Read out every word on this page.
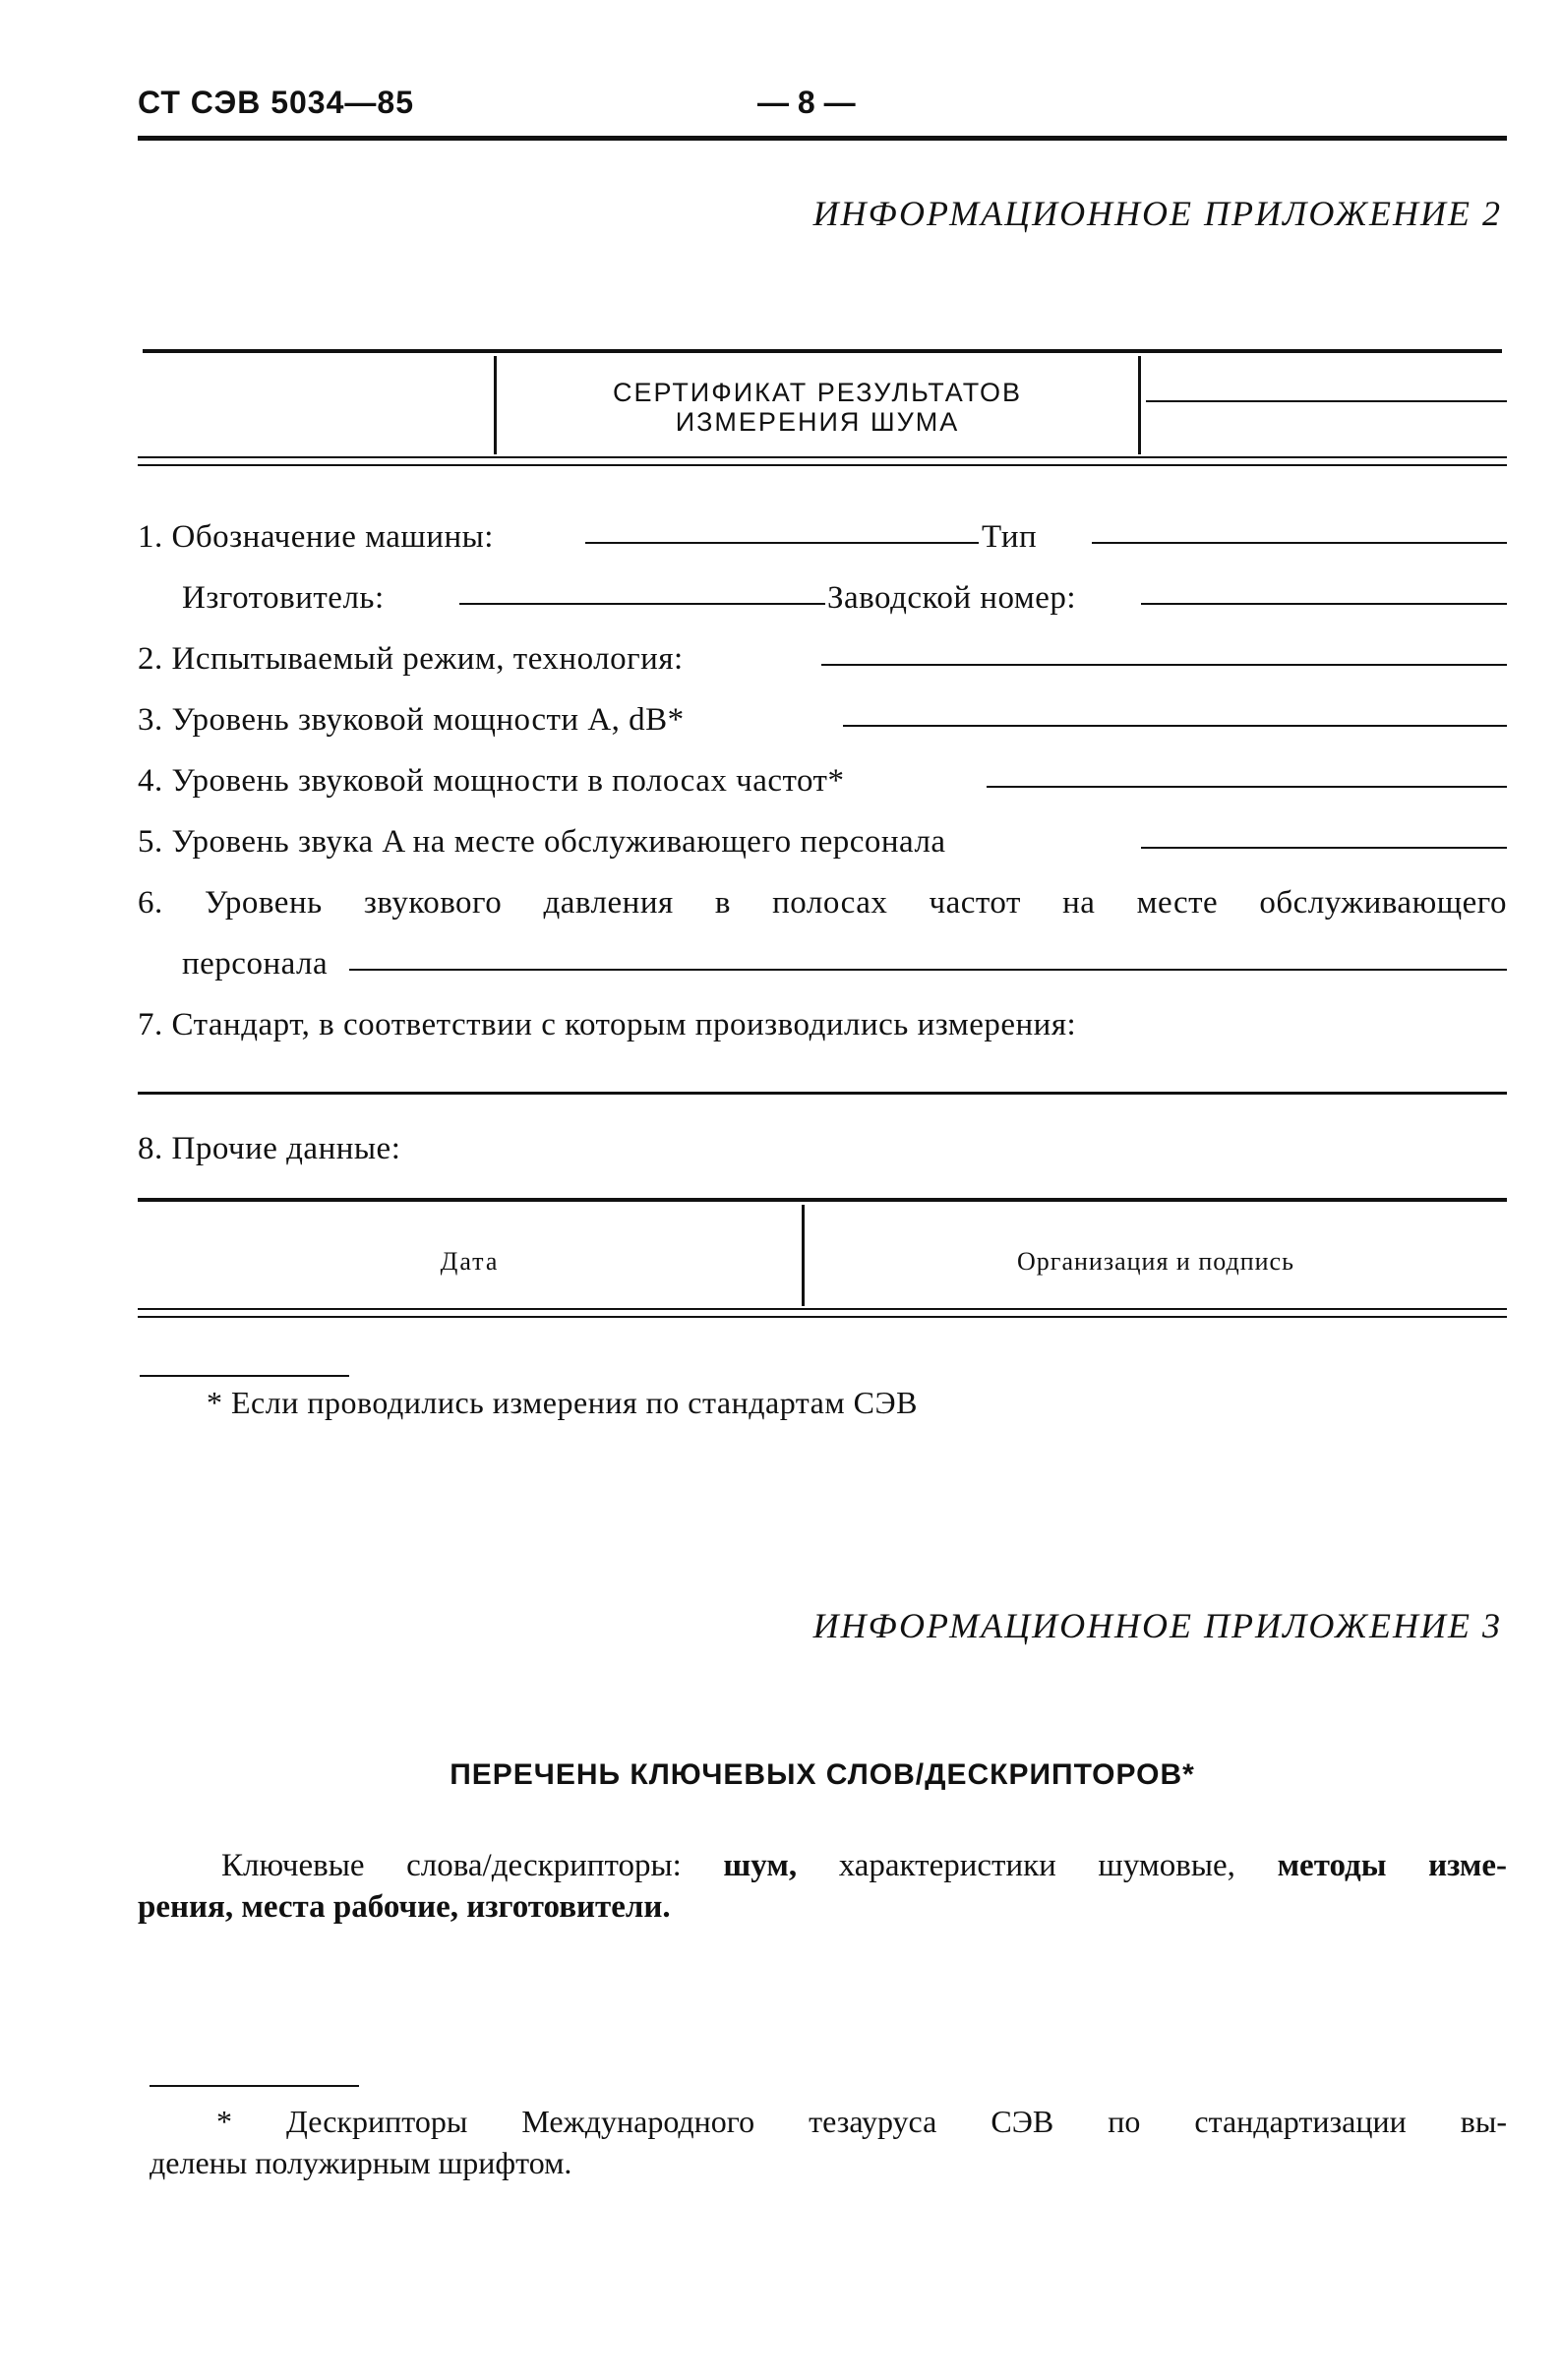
СТ СЭВ 5034—85	— 8 —
ИНФОРМАЦИОННОЕ ПРИЛОЖЕНИЕ 2
СЕРТИФИКАТ РЕЗУЛЬТАТОВ
ИЗМЕРЕНИЯ ШУМА
1. Обозначение машины:	Тип
Изготовитель:	Заводской номер:
2. Испытываемый режим, технология:
3. Уровень звуковой мощности A, dB*
4. Уровень звуковой мощности в полосах частот*
5. Уровень звука A на месте обслуживающего персонала
6. Уровень звукового давления в полосах частот на месте обслуживающего
персонала
7. Стандарт, в соответствии с которым производились измерения:
8. Прочие данные:
Дата	Организация и подпись
* Если проводились измерения по стандартам СЭВ
ИНФОРМАЦИОННОЕ ПРИЛОЖЕНИЕ 3
ПЕРЕЧЕНЬ КЛЮЧЕВЫХ СЛОВ/ДЕСКРИПТОРОВ*
Ключевые слова/дескрипторы: шум, характеристики шумовые, методы изме-
рения, места рабочие, изготовители.
* Дескрипторы Международного тезауруса СЭВ по стандартизации вы-
делены полужирным шрифтом.
